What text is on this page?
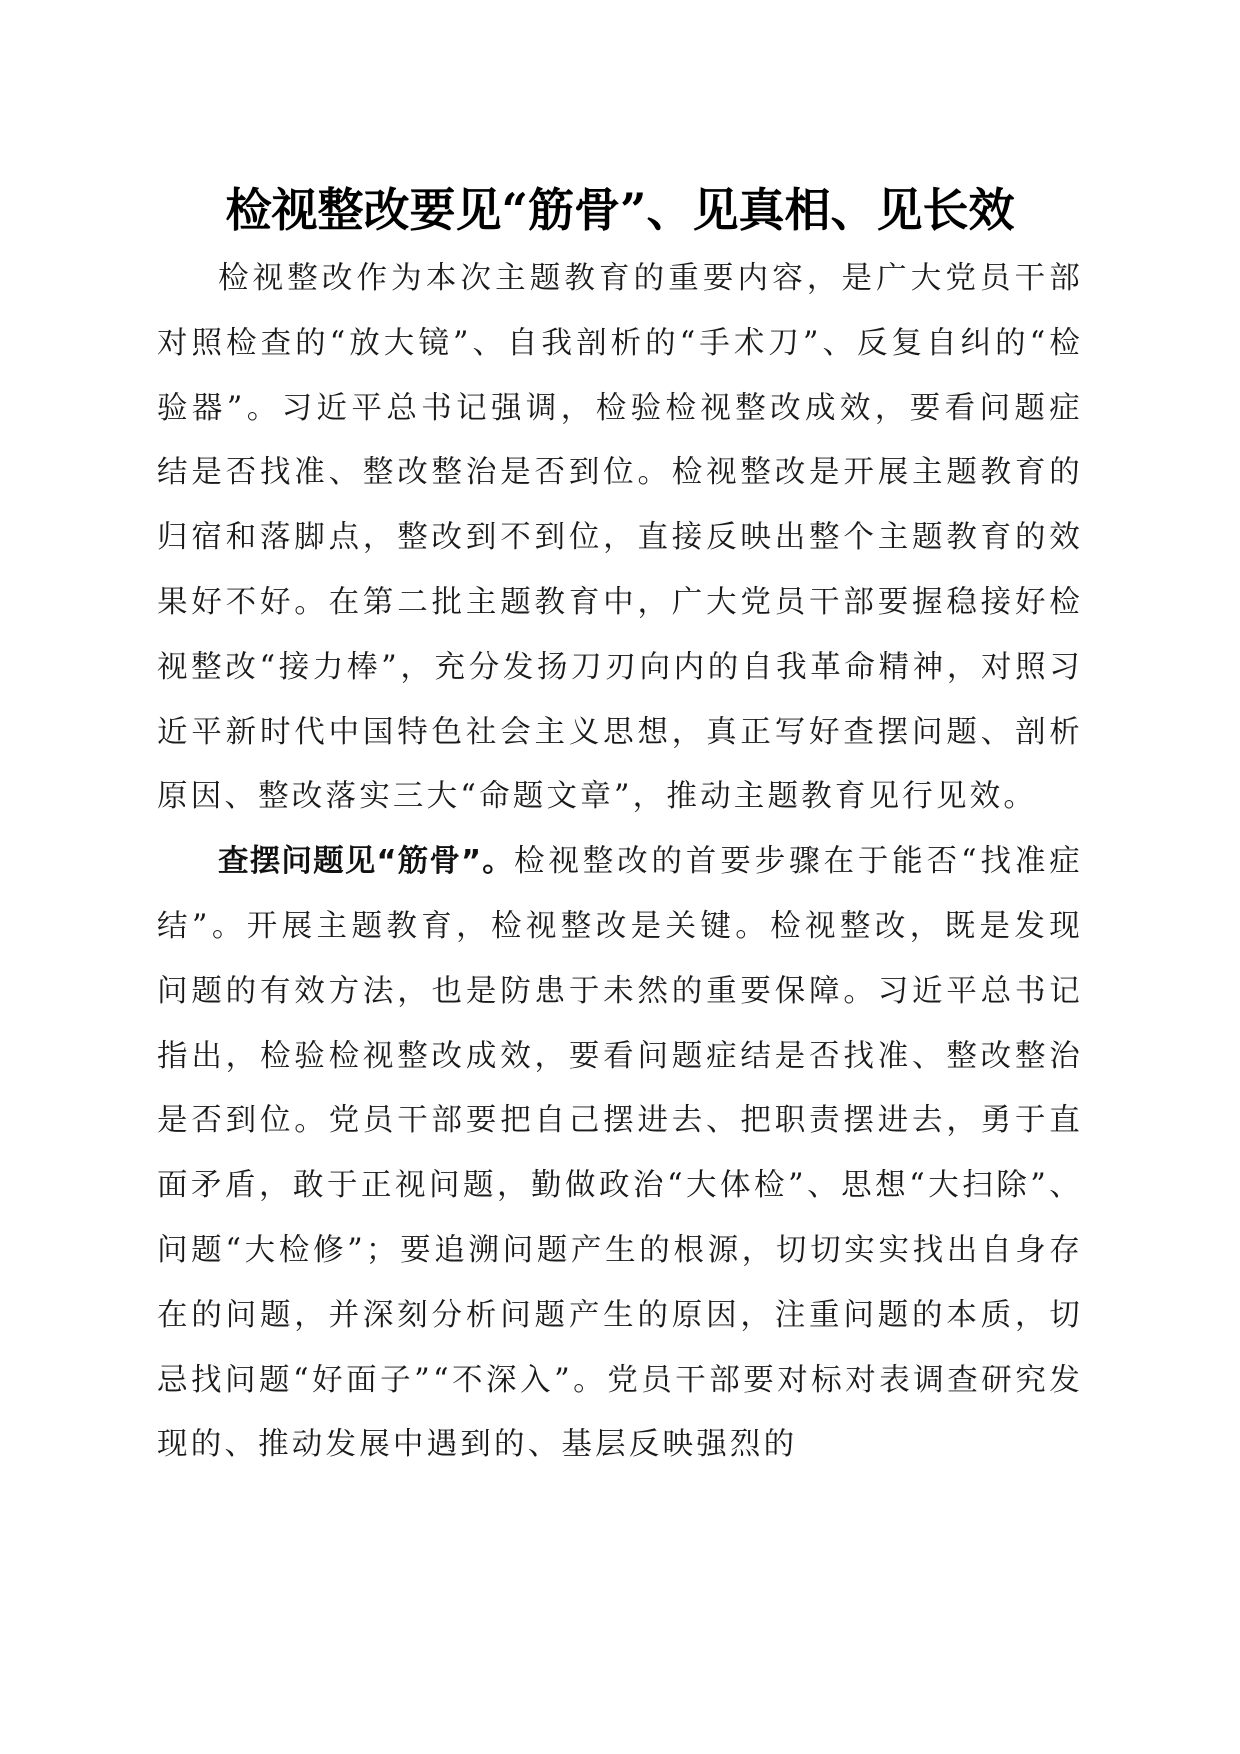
检视整改要见“筋骨”、见真相、见长效

检视整改作为本次主题教育的重要内容，是广大党员干部对照检查的“放大镜”、自我剖析的“手术刀”、反复自纠的“检验器”。习近平总书记强调，检验检视整改成效，要看问题症结是否找准、整改整治是否到位。检视整改是开展主题教育的归宿和落脚点，整改到不到位，直接反映出整个主题教育的效果好不好。在第二批主题教育中，广大党员干部要握稳接好检视整改“接力棒”，充分发扬刀刃向内的自我革命精神，对照习近平新时代中国特色社会主义思想，真正写好查摆问题、剖析原因、整改落实三大“命题文章”，推动主题教育见行见效。

查摆问题见“筋骨”。检视整改的首要步骤在于能否“找准症结”。开展主题教育，检视整改是关键。检视整改，既是发现问题的有效方法，也是防患于未然的重要保障。习近平总书记指出，检验检视整改成效，要看问题症结是否找准、整改整治是否到位。党员干部要把自己摆进去、把职责摆进去，勇于直面矛盾，敢于正视问题，勤做政治“大体检”、思想“大扫除”、问题“大检修”；要追溯问题产生的根源，切切实实找出自身存在的问题，并深刻分析问题产生的原因，注重问题的本质，切忌找问题“好面子”“不深入”。党员干部要对标对表调查研究发现的、推动发展中遇到的、基层反映强烈的
